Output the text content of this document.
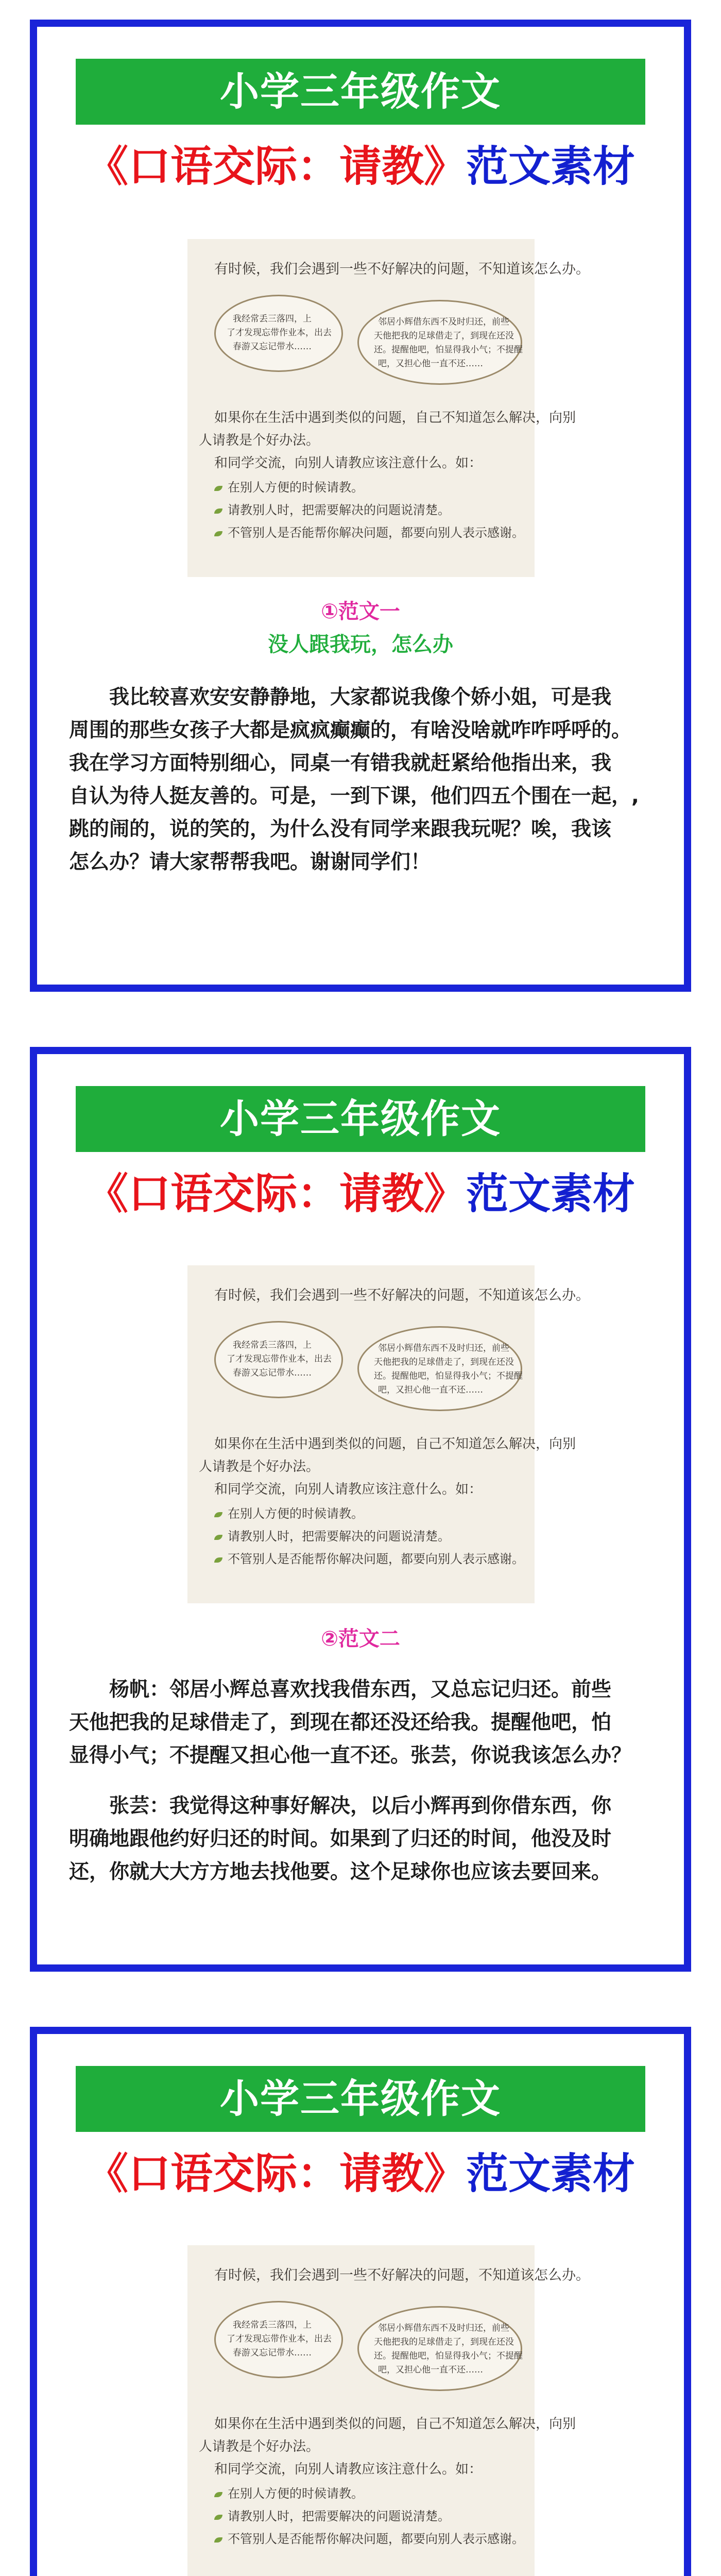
小学三年级作文
《口语交际：请教》范文素材
有时候，我们会遇到一些不好解决的问题，不知道该怎么办。
我经常丢三落四，上
了才发现忘带作业本，出去
春游又忘记带水……
邻居小辉借东西不及时归还，前些
天他把我的足球借走了，到现在还没
还。提醒他吧，怕显得我小气；不提醒
吧，又担心他一直不还……
如果你在生活中遇到类似的问题，自己不知道怎么解决，向别
人请教是个好办法。
和同学交流，向别人请教应该注意什么。如：
在别人方便的时候请教。
请教别人时，把需要解决的问题说清楚。
不管别人是否能帮你解决问题，都要向别人表示感谢。
①范文一
没人跟我玩，怎么办
我比较喜欢安安静静地，大家都说我像个娇小姐，可是我
周围的那些女孩子大都是疯疯癫癫的，有啥没啥就咋咋呼呼的。
我在学习方面特别细心，同桌一有错我就赶紧给他指出来，我
自认为待人挺友善的。可是，一到下课，他们四五个围在一起，,
跳的闹的，说的笑的，为什么没有同学来跟我玩呢？唉，我该
怎么办？请大家帮帮我吧。谢谢同学们！
小学三年级作文
《口语交际：请教》范文素材
有时候，我们会遇到一些不好解决的问题，不知道该怎么办。
我经常丢三落四，上
了才发现忘带作业本，出去
春游又忘记带水……
邻居小辉借东西不及时归还，前些
天他把我的足球借走了，到现在还没
还。提醒他吧，怕显得我小气；不提醒
吧，又担心他一直不还……
如果你在生活中遇到类似的问题，自己不知道怎么解决，向别
人请教是个好办法。
和同学交流，向别人请教应该注意什么。如：
在别人方便的时候请教。
请教别人时，把需要解决的问题说清楚。
不管别人是否能帮你解决问题，都要向别人表示感谢。
②范文二
杨帆：邻居小辉总喜欢找我借东西，又总忘记归还。前些
天他把我的足球借走了，到现在都还没还给我。提醒他吧，怕
显得小气；不提醒又担心他一直不还。张芸，你说我该怎么办？
张芸：我觉得这种事好解决，以后小辉再到你借东西，你
明确地跟他约好归还的时间。如果到了归还的时间，他没及时
还，你就大大方方地去找他要。这个足球你也应该去要回来。
小学三年级作文
《口语交际：请教》范文素材
有时候，我们会遇到一些不好解决的问题，不知道该怎么办。
我经常丢三落四，上
了才发现忘带作业本，出去
春游又忘记带水……
邻居小辉借东西不及时归还，前些
天他把我的足球借走了，到现在还没
还。提醒他吧，怕显得我小气；不提醒
吧，又担心他一直不还……
如果你在生活中遇到类似的问题，自己不知道怎么解决，向别
人请教是个好办法。
和同学交流，向别人请教应该注意什么。如：
在别人方便的时候请教。
请教别人时，把需要解决的问题说清楚。
不管别人是否能帮你解决问题，都要向别人表示感谢。
